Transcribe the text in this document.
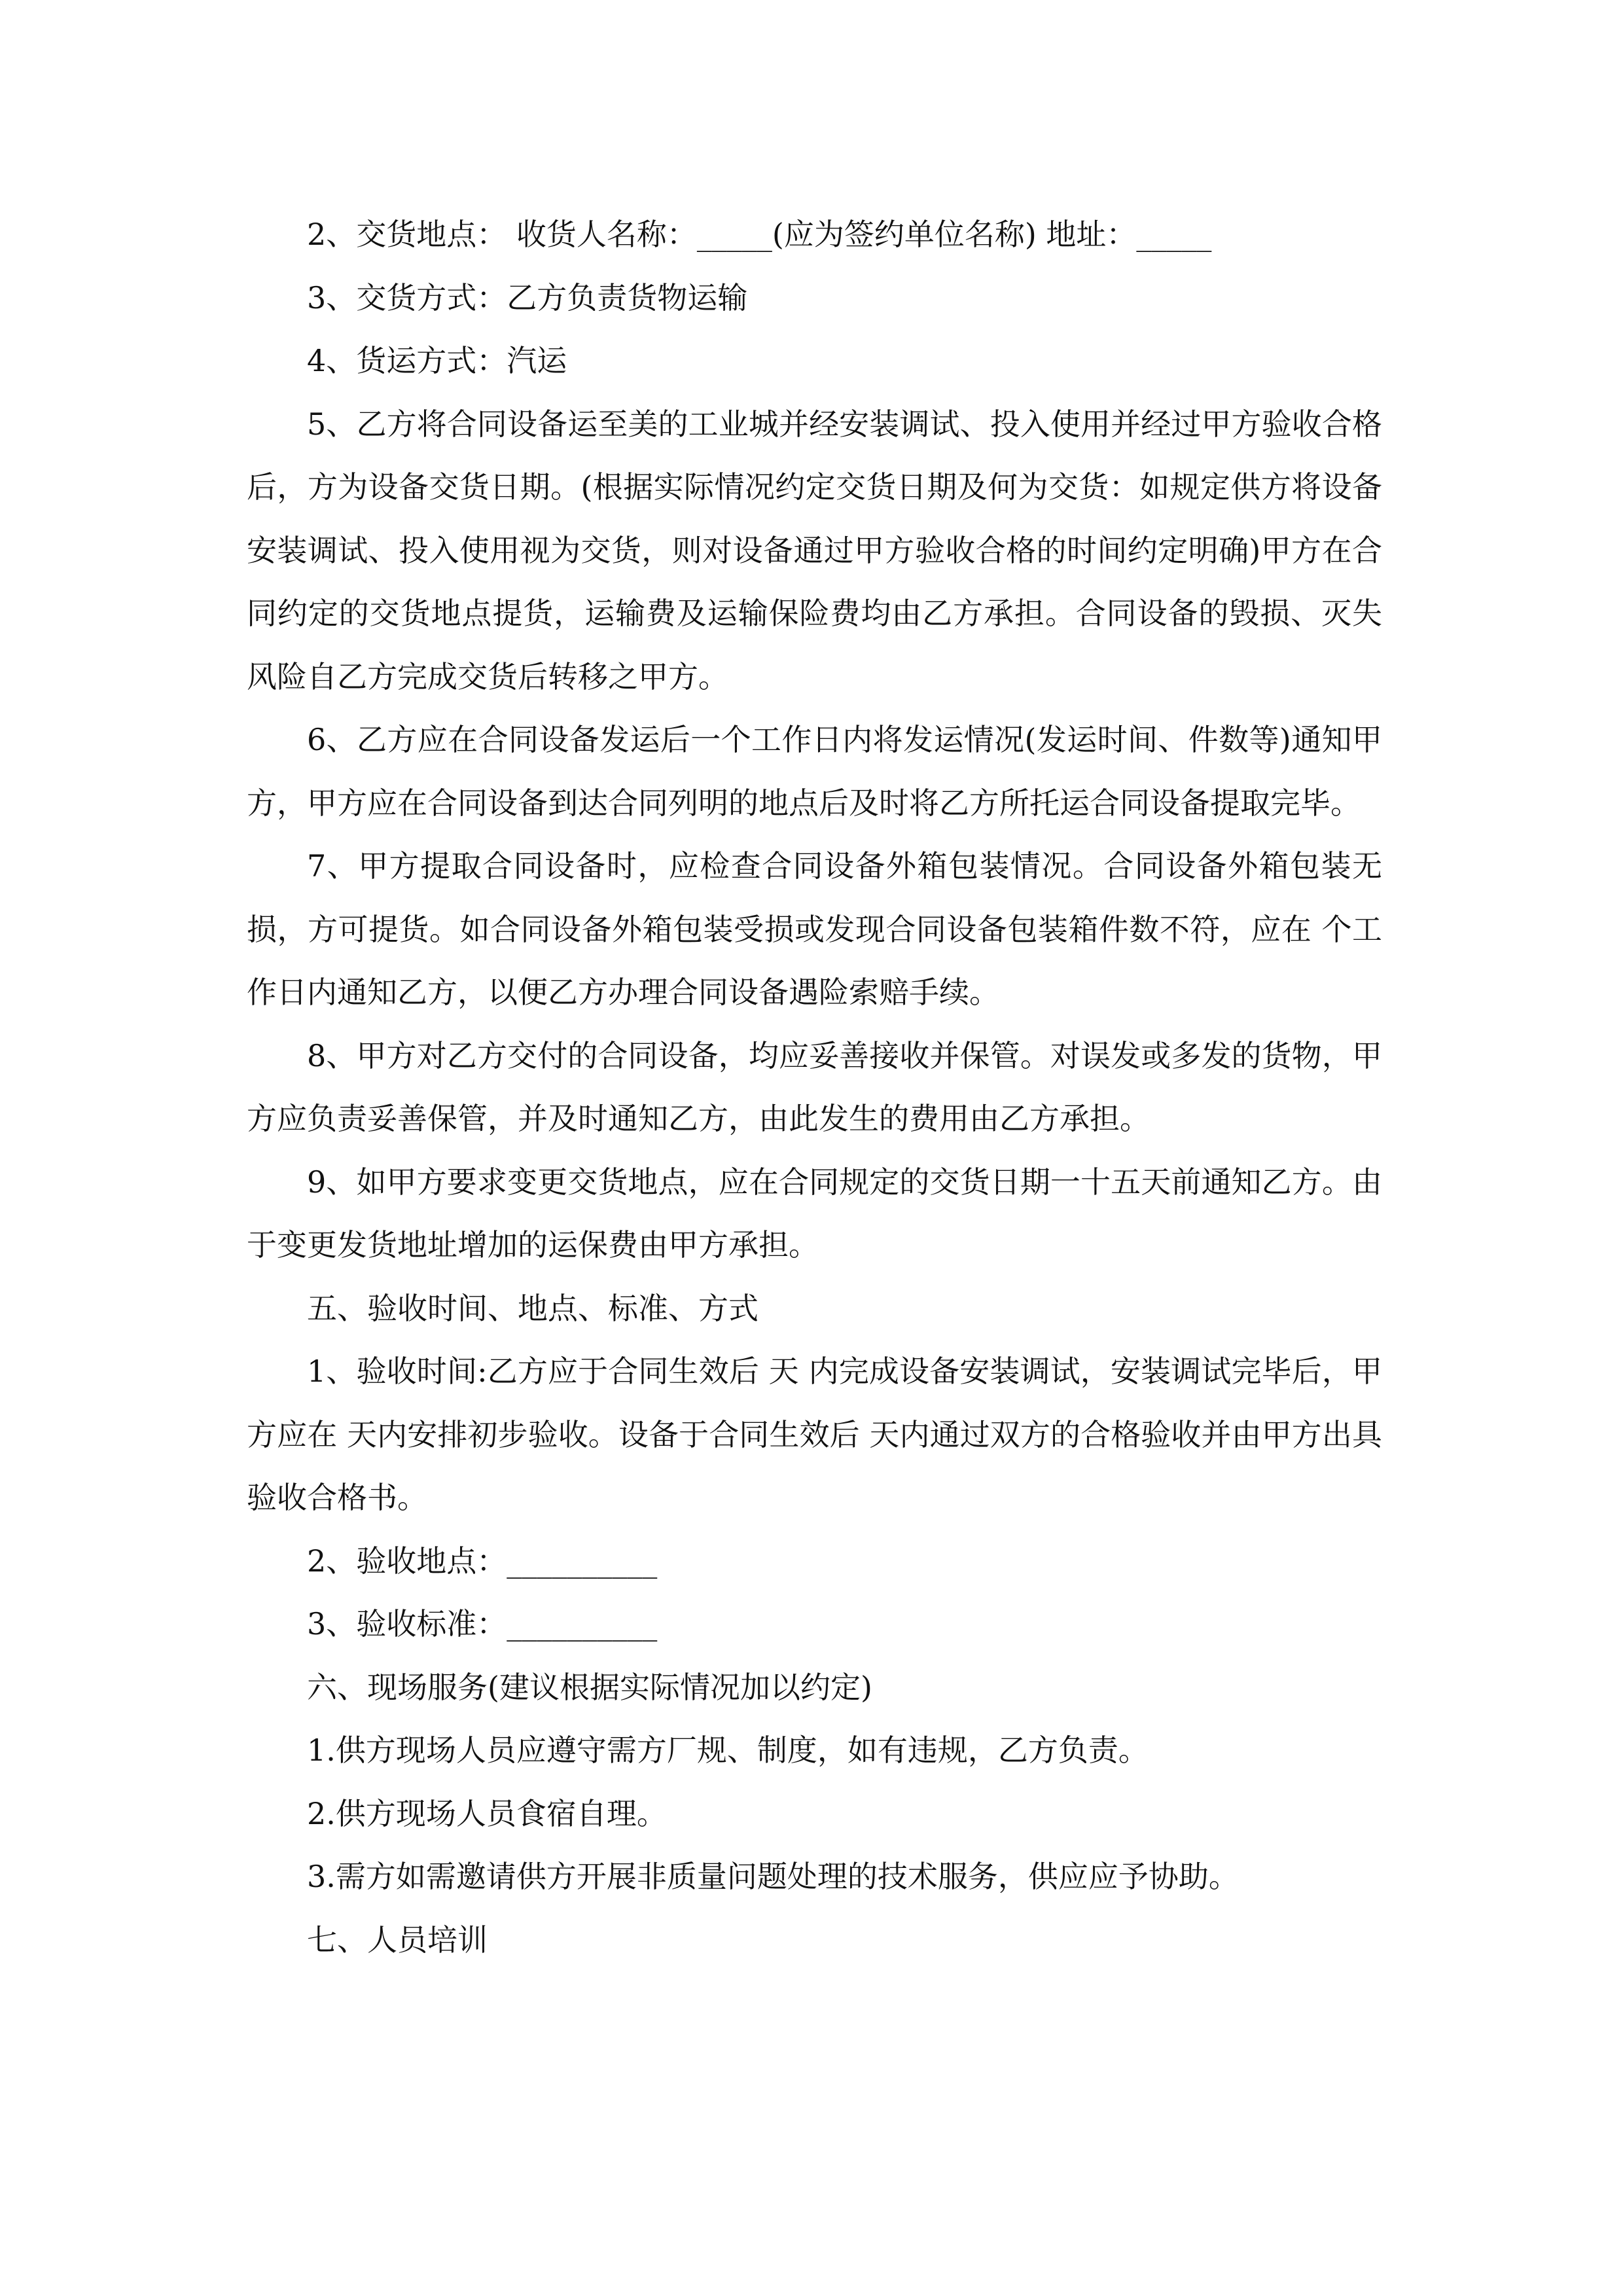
2、交货地点： 收货人名称：_____(应为签约单位名称) 地址：_____

3、交货方式：乙方负责货物运输

4、货运方式：汽运

5、乙方将合同设备运至美的工业城并经安装调试、投入使用并经过甲方验收合格后，方为设备交货日期。(根据实际情况约定交货日期及何为交货：如规定供方将设备安装调试、投入使用视为交货，则对设备通过甲方验收合格的时间约定明确)甲方在合同约定的交货地点提货，运输费及运输保险费均由乙方承担。合同设备的毁损、灭失风险自乙方完成交货后转移之甲方。

6、乙方应在合同设备发运后一个工作日内将发运情况(发运时间、件数等)通知甲方，甲方应在合同设备到达合同列明的地点后及时将乙方所托运合同设备提取完毕。

7、甲方提取合同设备时，应检查合同设备外箱包装情况。合同设备外箱包装无损，方可提货。如合同设备外箱包装受损或发现合同设备包装箱件数不符，应在 个工作日内通知乙方，以便乙方办理合同设备遇险索赔手续。

8、甲方对乙方交付的合同设备，均应妥善接收并保管。对误发或多发的货物，甲方应负责妥善保管，并及时通知乙方，由此发生的费用由乙方承担。

9、如甲方要求变更交货地点，应在合同规定的交货日期一十五天前通知乙方。由于变更发货地址增加的运保费由甲方承担。

五、验收时间、地点、标准、方式

1、验收时间:乙方应于合同生效后 天 内完成设备安装调试，安装调试完毕后，甲方应在 天内安排初步验收。设备于合同生效后 天内通过双方的合格验收并由甲方出具验收合格书。

2、验收地点：__________

3、验收标准：__________

六、现场服务(建议根据实际情况加以约定)

1.供方现场人员应遵守需方厂规、制度，如有违规，乙方负责。

2.供方现场人员食宿自理。

3.需方如需邀请供方开展非质量问题处理的技术服务，供应应予协助。

七、人员培训
